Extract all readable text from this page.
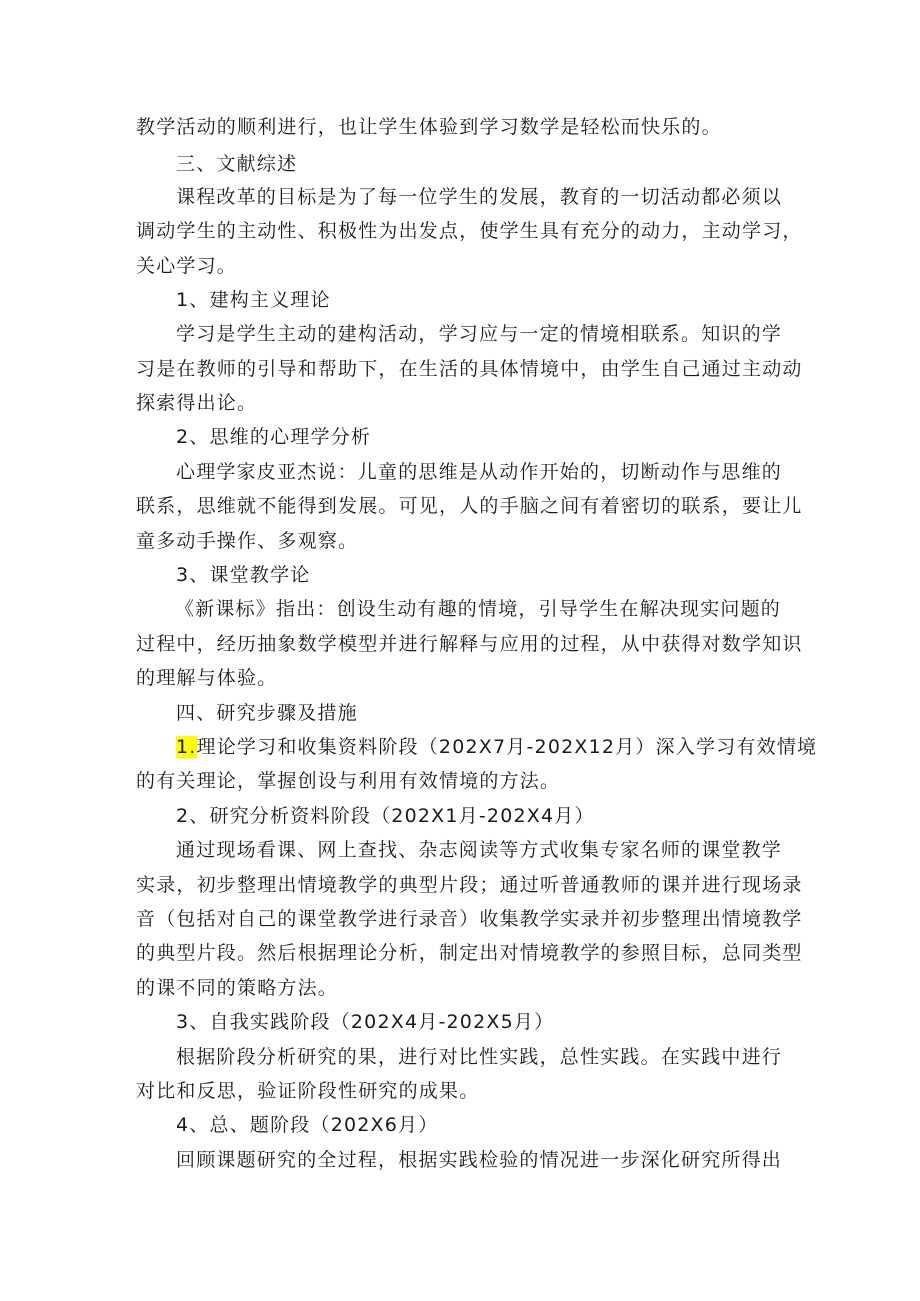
教学活动的顺利进行，也让学生体验到学习数学是轻松而快乐的。
三、文献综述
课程改革的目标是为了每一位学生的发展，教育的一切活动都必须以
调动学生的主动性、积极性为出发点，使学生具有充分的动力，主动学习，
关心学习。
1、建构主义理论
学习是学生主动的建构活动，学习应与一定的情境相联系。知识的学
习是在教师的引导和帮助下，在生活的具体情境中，由学生自己通过主动动
探索得出论。
2、思维的心理学分析
心理学家皮亚杰说：儿童的思维是从动作开始的，切断动作与思维的
联系，思维就不能得到发展。可见，人的手脑之间有着密切的联系，要让儿
童多动手操作、多观察。
3、课堂教学论
《新课标》指出：创设生动有趣的情境，引导学生在解决现实问题的
过程中，经历抽象数学模型并进行解释与应用的过程，从中获得对数学知识
的理解与体验。
四、研究步骤及措施
1.理论学习和收集资料阶段（202X7月-202X12月）深入学习有效情境
的有关理论，掌握创设与利用有效情境的方法。
2、研究分析资料阶段（202X1月-202X4月）
通过现场看课、网上查找、杂志阅读等方式收集专家名师的课堂教学
实录，初步整理出情境教学的典型片段；通过听普通教师的课并进行现场录
音（包括对自己的课堂教学进行录音）收集教学实录并初步整理出情境教学
的典型片段。然后根据理论分析，制定出对情境教学的参照目标，总同类型
的课不同的策略方法。
3、自我实践阶段（202X4月-202X5月）
根据阶段分析研究的果，进行对比性实践，总性实践。在实践中进行
对比和反思，验证阶段性研究的成果。
4、总、题阶段（202X6月）
回顾课题研究的全过程，根据实践检验的情况进一步深化研究所得出
